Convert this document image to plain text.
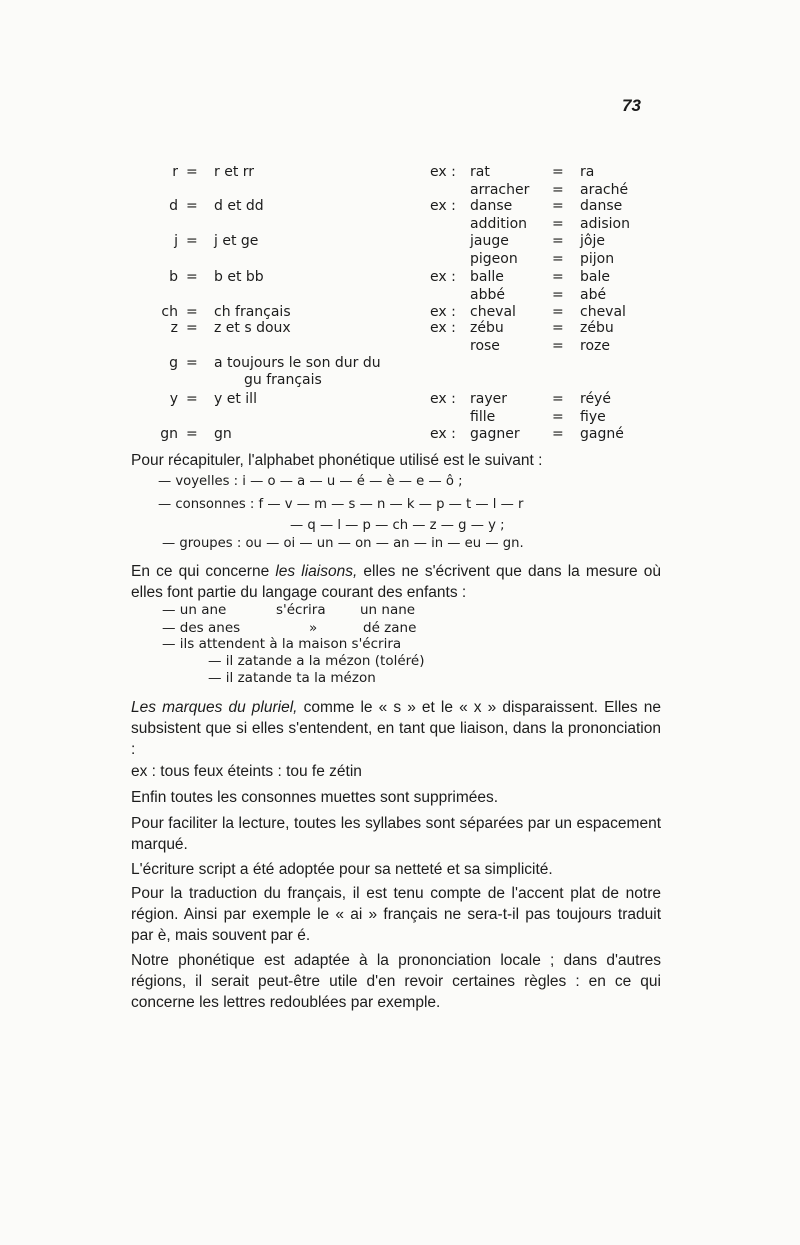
73
r = r et rr	ex : rat	= ra
arracher = araché
d = d et dd	ex : danse	= danse
addition = adision
j = j et ge	jauge	= jôje
pigeon = pijon
b = b et bb	ex : balle	= bale
abbé	= abé
ch = ch français	ex : cheval	= cheval
z = z et s doux	ex : zébu	= zébu
rose	= roze
g = a toujours le son dur du
gu français
y = y et ill	ex : rayer	= réyé
fille	= fiye
gn = gn	ex : gagner = gagné
Pour récapituler, l'alphabet phonétique utilisé est le suivant :
— voyelles : i — o — a — u — é — è — e — ô ;
— consonnes : f — v — m — s — n — k — p — t — l — r
— q — l — p — ch — z — g — y ;
— groupes : ou — oi — un — on — an — in — eu — gn.
En ce qui concerne les liaisons, elles ne s'écrivent que dans la mesure où elles font partie du langage courant des enfants :
— un ane	s'écrira	un nane
— des anes	»	dé zane
— ils attendent à la maison s'écrira
— il zatande a la mézon (toléré)
— il zatande ta la mézon
Les marques du pluriel, comme le « s » et le « x » disparaissent. Elles ne subsistent que si elles s'entendent, en tant que liaison, dans la prononciation :
ex : tous feux éteints : tou fe zétin
Enfin toutes les consonnes muettes sont supprimées.
Pour faciliter la lecture, toutes les syllabes sont séparées par un espacement marqué.
L'écriture script a été adoptée pour sa netteté et sa simplicité.
Pour la traduction du français, il est tenu compte de l'accent plat de notre région. Ainsi par exemple le « ai » français ne sera-t-il pas toujours traduit par è, mais souvent par é.
Notre phonétique est adaptée à la prononciation locale ; dans d'autres régions, il serait peut-être utile d'en revoir certaines règles : en ce qui concerne les lettres redoublées par exemple.
